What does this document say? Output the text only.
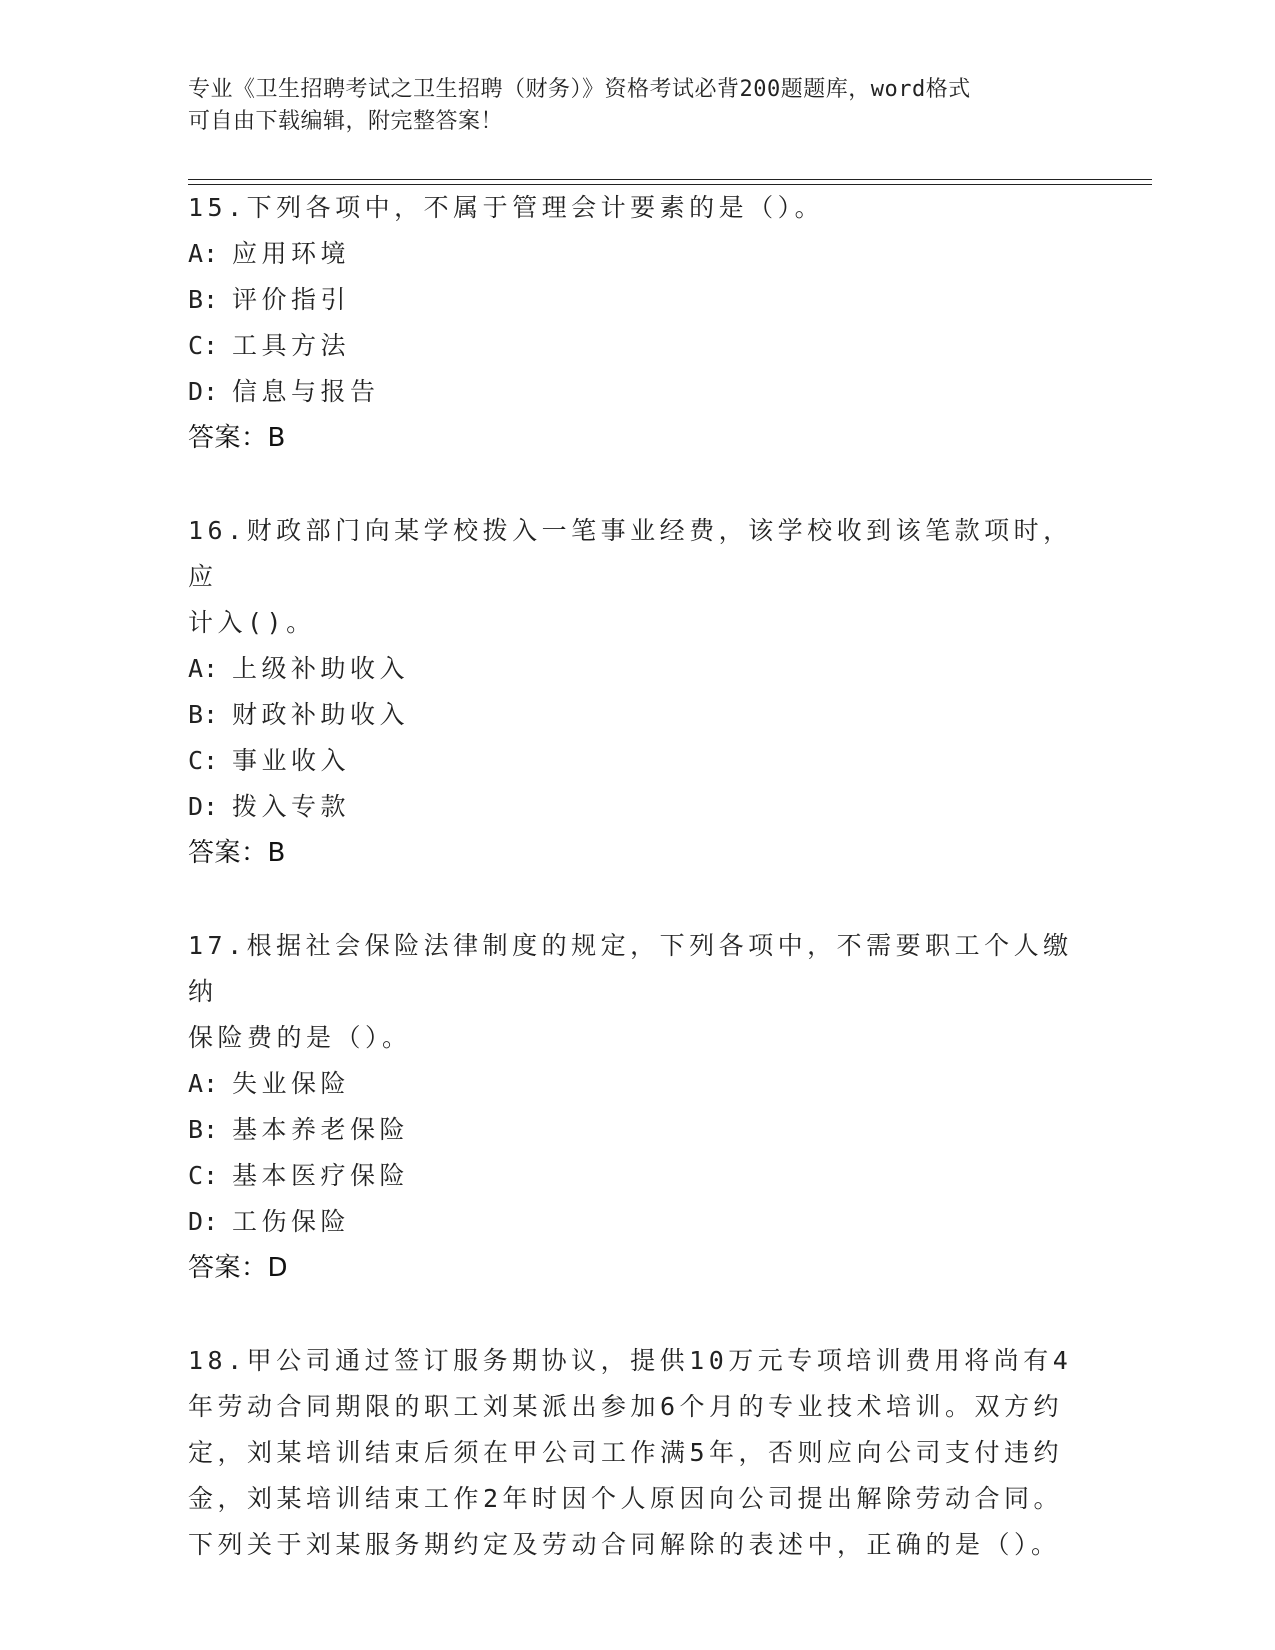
专业《卫生招聘考试之卫生招聘（财务）》资格考试必背200题题库，word格式
可自由下载编辑，附完整答案！
15.下列各项中，不属于管理会计要素的是（）。
A: 应用环境
B: 评价指引
C: 工具方法
D: 信息与报告
答案：B
16.财政部门向某学校拨入一笔事业经费，该学校收到该笔款项时，应
计入()。
A: 上级补助收入
B: 财政补助收入
C: 事业收入
D: 拨入专款
答案：B
17.根据社会保险法律制度的规定，下列各项中，不需要职工个人缴纳
保险费的是（）。
A: 失业保险
B: 基本养老保险
C: 基本医疗保险
D: 工伤保险
答案：D
18.甲公司通过签订服务期协议，提供10万元专项培训费用将尚有4
年劳动合同期限的职工刘某派出参加6个月的专业技术培训。双方约
定，刘某培训结束后须在甲公司工作满5年，否则应向公司支付违约
金，刘某培训结束工作2年时因个人原因向公司提出解除劳动合同。
下列关于刘某服务期约定及劳动合同解除的表述中，正确的是（）。
